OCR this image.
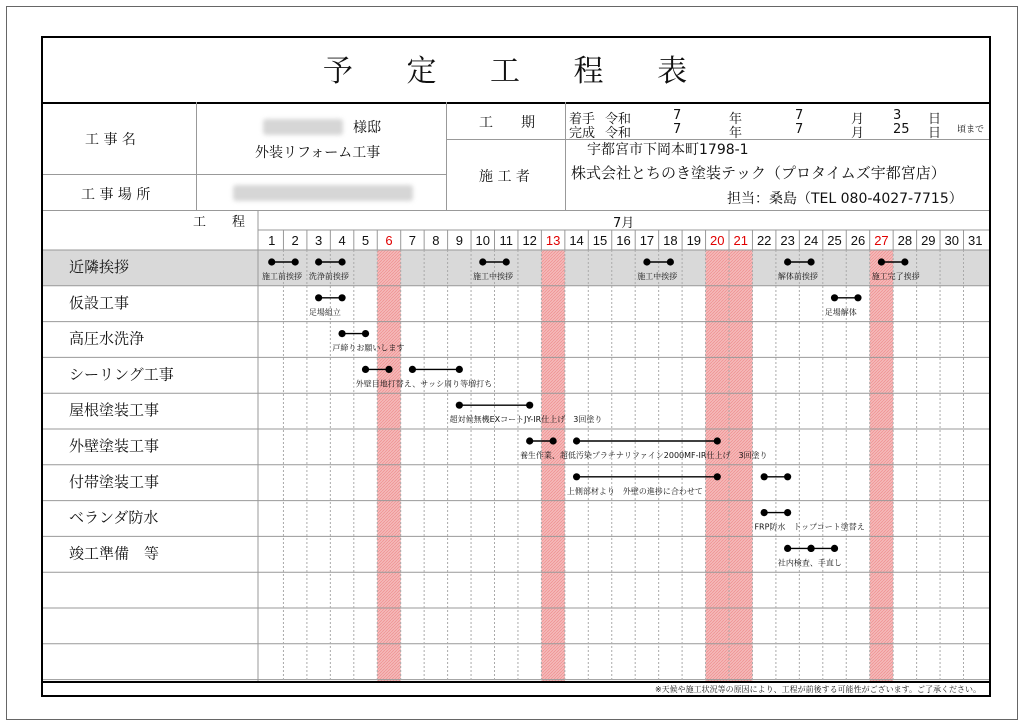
予 定 工 程 表
工 事 名
様邸
外装リフォーム工事
工 事 場 所
工　　期
施 工 者
着手 令和	7	年	7	月 3 日
完成 令和	7	年	7	月 25 日 頃まで
宇都宮市下岡本町1798-1
株式会社とちのき塗装テック（プロタイムズ宇都宮店）
担当：桑島（TEL 080-4027-7715）
工　　程	7月
1 2 3 4 5 6 7 8 9 10 11 12 13 14 15 16 17 18 19 20 21 22 23 24 25 26 27 28 29 30 31
近隣挨拶
施工前挨拶 洗浄前挨拶	施工中挨拶	施工中挨拶	解体前挨拶	施工完了挨拶
仮設工事
足場組立	足場解体
高圧水洗浄
戸締りお願いします
シーリング工事
外壁目地打替え、サッシ周り等増打ち
屋根塗装工事
超対候無機EXコートJY-IR仕上げ　3回塗り
外壁塗装工事
養生作業、超低汚染プラチナリファイン2000MF-IR仕上げ　3回塗り
付帯塗装工事
上側部材より　外壁の進捗に合わせて
ベランダ防水
FRP防水　トップコート塗替え
竣工準備　等
社内検査、手直し
※天候や施工状況等の原因により、工程が前後する可能性がございます。ご了承ください。
